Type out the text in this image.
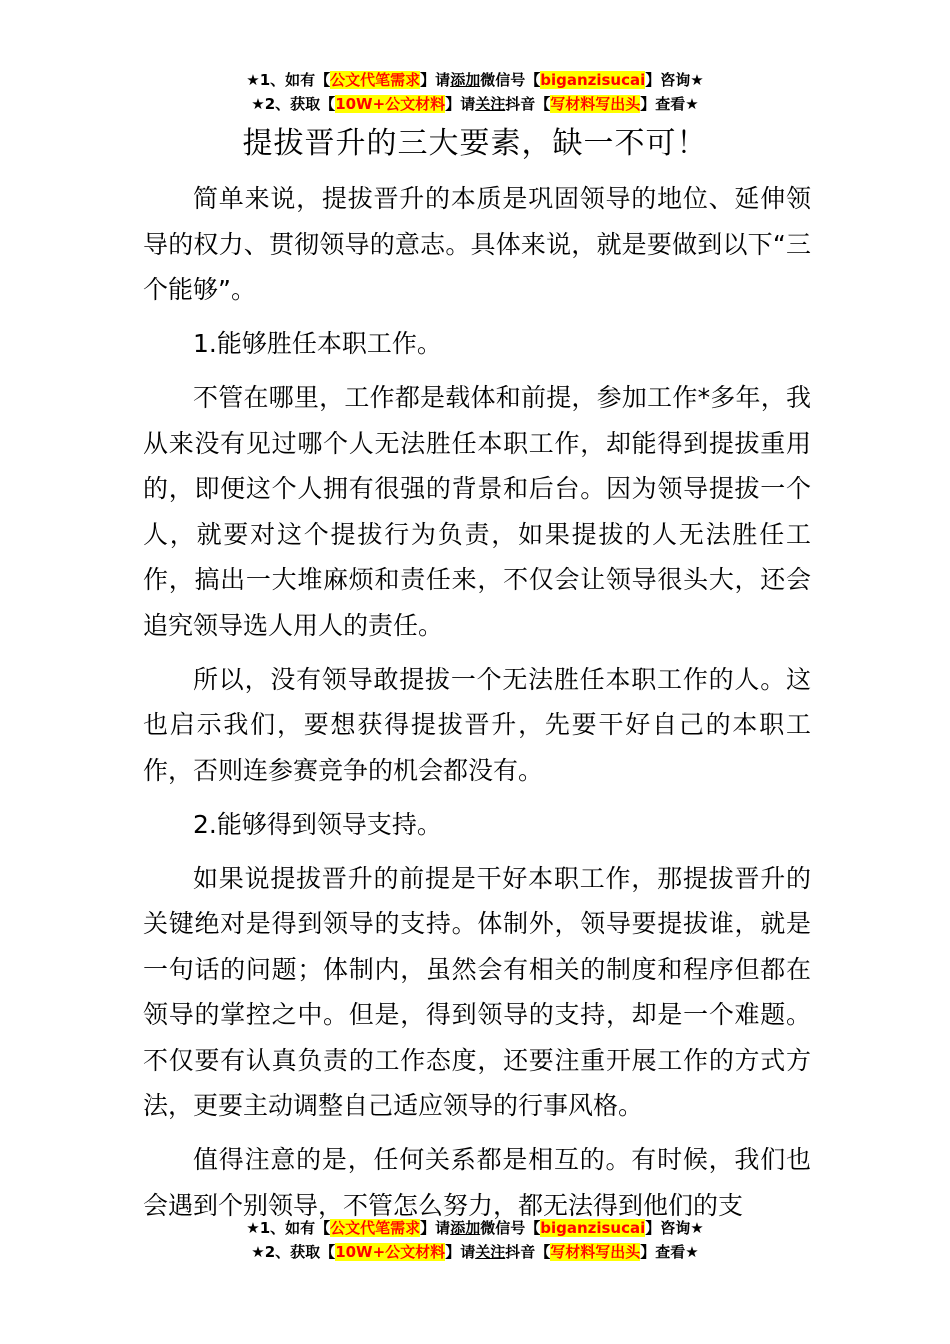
★1、如有【公文代笔需求】请添加微信号【biganzisucai】咨询★
★2、获取【10W+公文材料】请关注抖音【写材料写出头】查看★
提拔晋升的三大要素，缺一不可！

简单来说，提拔晋升的本质是巩固领导的地位、延伸领导的权力、贯彻领导的意志。具体来说，就是要做到以下“三个能够”。

1.能够胜任本职工作。

不管在哪里，工作都是载体和前提，参加工作*多年，我从来没有见过哪个人无法胜任本职工作，却能得到提拔重用的，即便这个人拥有很强的背景和后台。因为领导提拔一个人，就要对这个提拔行为负责，如果提拔的人无法胜任工作，搞出一大堆麻烦和责任来，不仅会让领导很头大，还会追究领导选人用人的责任。

所以，没有领导敢提拔一个无法胜任本职工作的人。这也启示我们，要想获得提拔晋升，先要干好自己的本职工作，否则连参赛竞争的机会都没有。

2.能够得到领导支持。

如果说提拔晋升的前提是干好本职工作，那提拔晋升的关键绝对是得到领导的支持。体制外，领导要提拔谁，就是一句话的问题；体制内，虽然会有相关的制度和程序但都在领导的掌控之中。但是，得到领导的支持，却是一个难题。不仅要有认真负责的工作态度，还要注重开展工作的方式方法，更要主动调整自己适应领导的行事风格。

值得注意的是，任何关系都是相互的。有时候，我们也会遇到个别领导，不管怎么努力，都无法得到他们的支

★1、如有【公文代笔需求】请添加微信号【biganzisucai】咨询★
★2、获取【10W+公文材料】请关注抖音【写材料写出头】查看★
